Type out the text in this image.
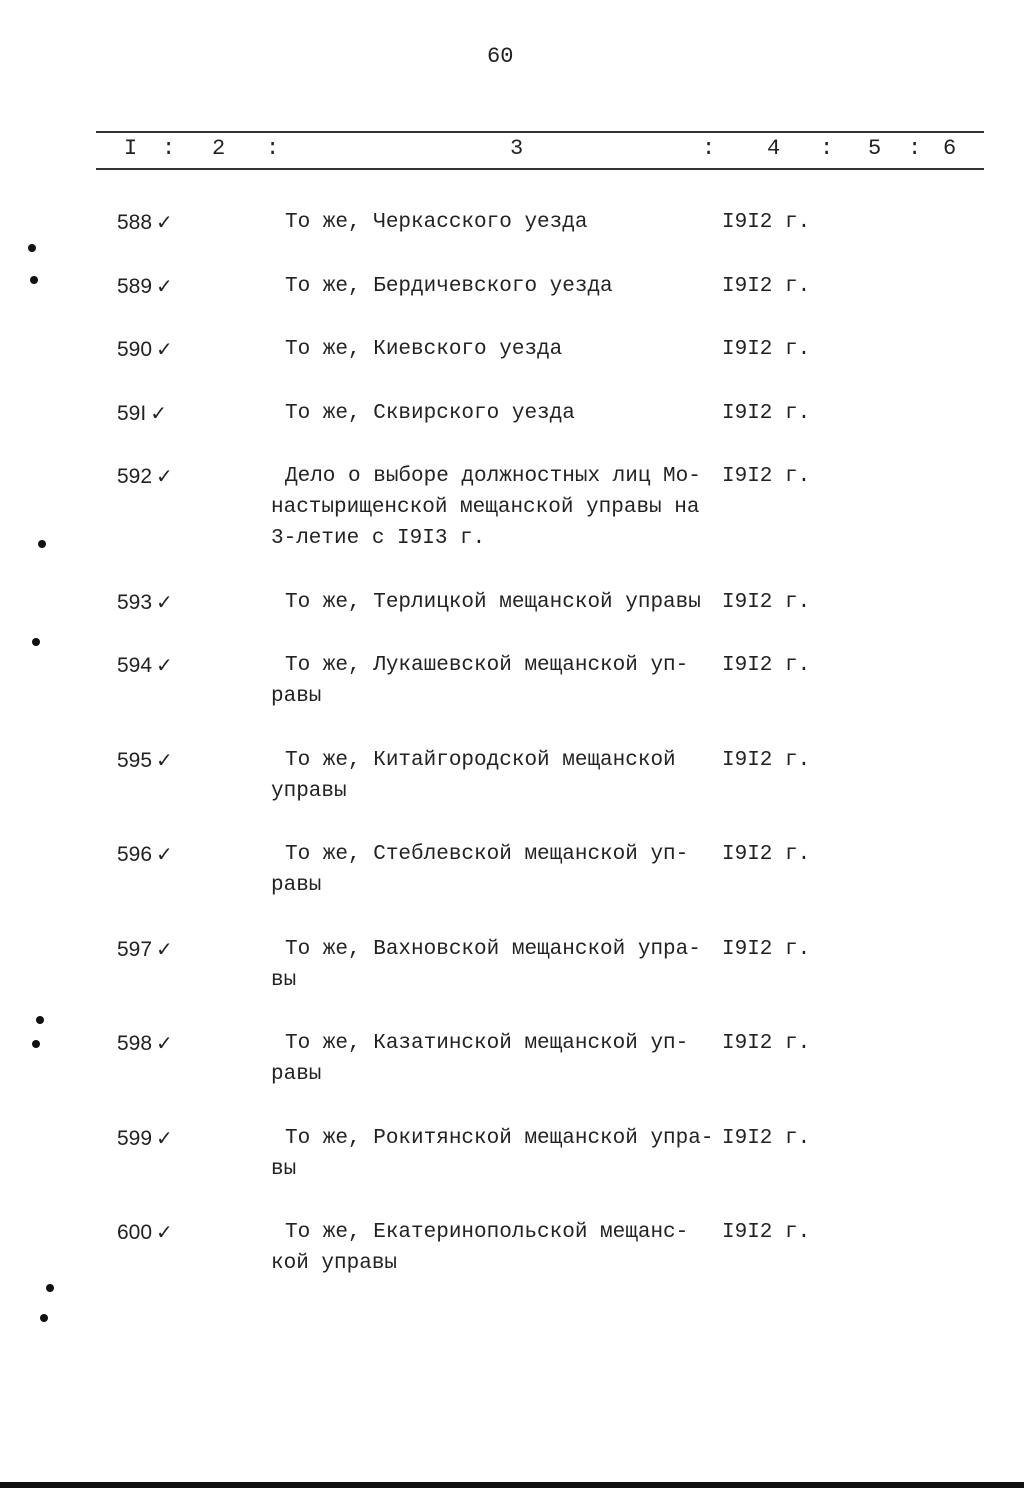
60
I : 2 :	3	: 4 : 5 : 6
588 ✓	То же, Черкасского уезда	I9I2 г.
589 ✓	То же, Бердичевского уезда	I9I2 г.
590 ✓	То же, Киевского уезда	I9I2 г.
59I ✓	То же, Сквирского уезда	I9I2 г.
592 ✓	Дело о выборе должностных лиц Мо-
настырищенской мещанской управы на
3-летие с I9I3 г.
I9I2 г.
593 ✓	То же, Терлицкой мещанской управы	I9I2 г.
594 ✓	То же, Лукашевской мещанской уп-
равы
I9I2 г.
595 ✓	То же, Китайгородской мещанской
управы
I9I2 г.
596 ✓	То же, Стеблевской мещанской уп-
равы
I9I2 г.
597 ✓	То же, Вахновской мещанской упра-
вы
I9I2 г.
598 ✓	То же, Казатинской мещанской уп-
равы
I9I2 г.
599 ✓	То же, Рокитянской мещанской упра-
вы
I9I2 г.
600 ✓	То же, Екатеринопольской мещанс-
кой управы
I9I2 г.
